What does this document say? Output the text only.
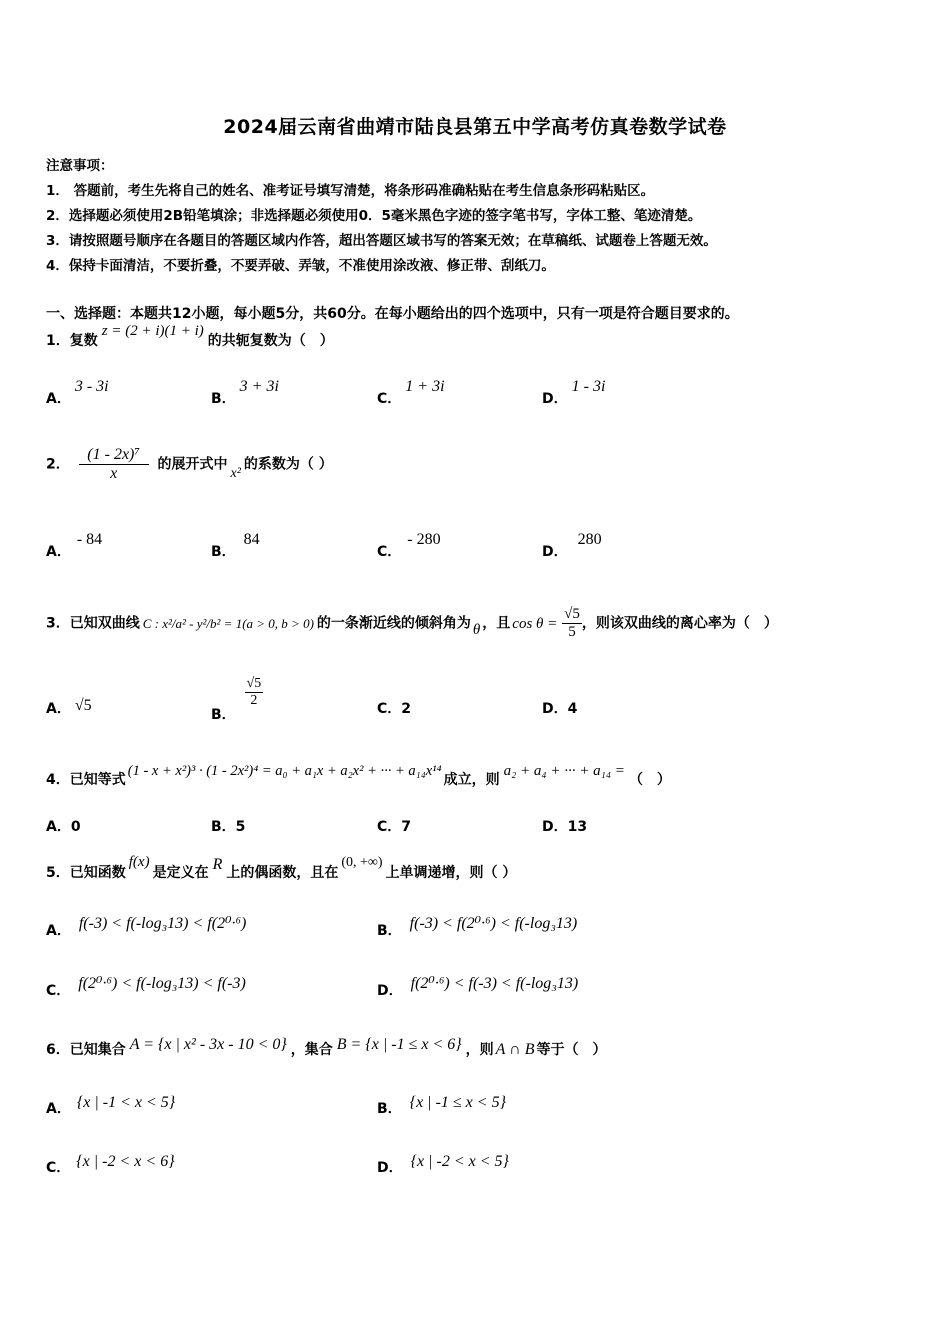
2024届云南省曲靖市陆良县第五中学高考仿真卷数学试卷
注意事项：
1． 答题前，考生先将自己的姓名、准考证号填写清楚，将条形码准确粘贴在考生信息条形码粘贴区。
2．选择题必须使用2B铅笔填涂；非选择题必须使用0．5毫米黑色字迹的签字笔书写，字体工整、笔迹清楚。
3．请按照题号顺序在各题目的答题区域内作答，超出答题区域书写的答案无效；在草稿纸、试题卷上答题无效。
4．保持卡面清洁，不要折叠，不要弄破、弄皱，不准使用涂改液、修正带、刮纸刀。
一、选择题：本题共12小题，每小题5分，共60分。在每小题给出的四个选项中，只有一项是符合题目要求的。
1．复数z = (2 + i)(1 + i)的共轭复数为（　）
A．3 - 3i
B．3 + 3i
C．1 + 3i
D．1 - 3i
2． $\frac{\text{(1 - 2x)⁷}}{x}$ 的展开式中x²的系数为（ ）
A．- 84
B．84
C．- 280
D．280
3．已知双曲线 C : x²/a² - y²/b² = 1(a > 0, b > 0) 的一条渐近线的倾斜角为 θ ，且 $\cos \theta = \frac{√5}{5}$ ，则该双曲线的离心率为（　）
A． √5
B．
$\frac{√5}{2}$	C．2	D．4
4．已知等式(1 - x + x²)³ · (1 - 2x²)⁴ = a₀ + a₁x + a₂x² + ··· + a₁₄x¹⁴成立，则a₂ + a₄ + ··· + a₁₄ =（　）
A．0	B．5	C．7	D．13
5．已知函数f(x)是定义在 R 上的偶函数，且在(0, +∞)上单调递增，则（ ）
A． f(-3) < f(-log₃13) < f(2⁰·⁶)	B． f(-3) < f(2⁰·⁶) < f(-log₃13)
C． f(2⁰·⁶) < f(-log₃13) < f(-3)	D． f(2⁰·⁶) < f(-3) < f(-log₃13)
6．已知集合 A = {x | x² - 3x - 10 < 0} ，集合 B = {x | -1 ≤ x < 6} ，则 A ∩ B 等于（　）
A． {x | -1 < x < 5}	B． {x | -1 ≤ x < 5}
C． {x | -2 < x < 6}	D． {x | -2 < x < 5}
